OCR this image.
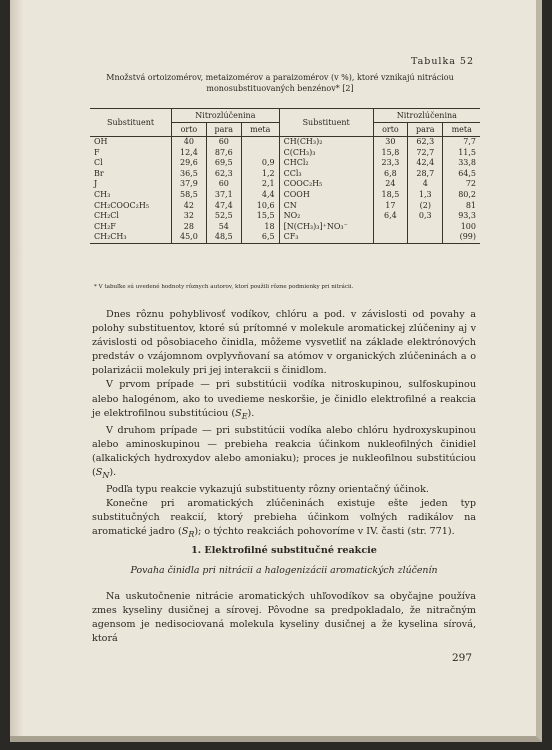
Tabulka 52
Množstvá ortoizomérov, metaizomérov a paraizomérov (v %), ktoré vznikajú nitráciou monosubstituovaných benzénov* [2]
Substituent	Nitrozlúčenina			Substituent	Nitrozlúčenina		
	orto	para	meta		orto	para	meta
OH	40	60		CH(CH₃)₂	30	62,3	7,7
F	12,4	87,6		C(CH₃)₃	15,8	72,7	11,5
Cl	29,6	69,5	0,9	CHCl₂	23,3	42,4	33,8
Br	36,5	62,3	1,2	CCl₃	6,8	28,7	64,5
J	37,9	60	2,1	COOC₂H₅	24	4	72
CH₃	58,5	37,1	4,4	COOH	18,5	1,3	80,2
CH₂COOC₂H₅	42	47,4	10,6	CN	17	(2)	81
CH₂Cl	32	52,5	15,5	NO₂	6,4	0,3	93,3
CH₂F	28	54	18	[N(CH₃)₃]⁺NO₃⁻			100
CH₂CH₃	45,0	48,5	6,5	CF₃			(99)
* V tabuľke sú uvedené hodnoty rôznych autorov, ktorí použili rôzne podmienky pri nitrácii.

Dnes rôznu pohyblivosť vodíkov, chlóru a pod. v závislosti od povahy a polohy substituentov, ktoré sú prítomné v molekule aromatickej zlúčeniny aj v závislosti od pôsobiaceho činidla, môžeme vysvetliť na základe elektrónových predstáv o vzájomnom ovplyvňovaní sa atómov v organických zlúčeninách a o polarizácii molekuly pri jej interakcii s činidlom.

V prvom prípade — pri substitúcii vodíka nitroskupinou, sulfoskupinou alebo halogénom, ako to uvedieme neskoršie, je činidlo elektrofilné a reakcia je elektrofilnou substitúciou $(S_E)$.

V druhom prípade — pri substitúcii vodíka alebo chlóru hydroxyskupinou alebo aminoskupinou — prebieha reakcia účinkom nukleofilných činidiel (alkalických hydroxydov alebo amoniaku); proces je nukleofilnou substitúciou $(S_N)$.

Podľa typu reakcie vykazujú substituenty rôzny orientačný účinok.

Konečne pri aromatických zlúčeninách existuje ešte jeden typ substitučných reakcií, ktorý prebieha účinkom voľných radikálov na aromatické jadro $(S_R)$; o týchto reakciách pohovoríme v IV. časti (str. 771).

1. Elektrofilné substitučné reakcie
Povaha činidla pri nitrácii a halogenizácii aromatických zlúčenín

Na uskutočnenie nitrácie aromatických uhľovodíkov sa obyčajne používa zmes kyseliny dusičnej a sírovej. Pôvodne sa predpokladalo, že nitračným agensom je nedisociovaná molekula kyseliny dusičnej a že kyselina sírová, ktorá

297
